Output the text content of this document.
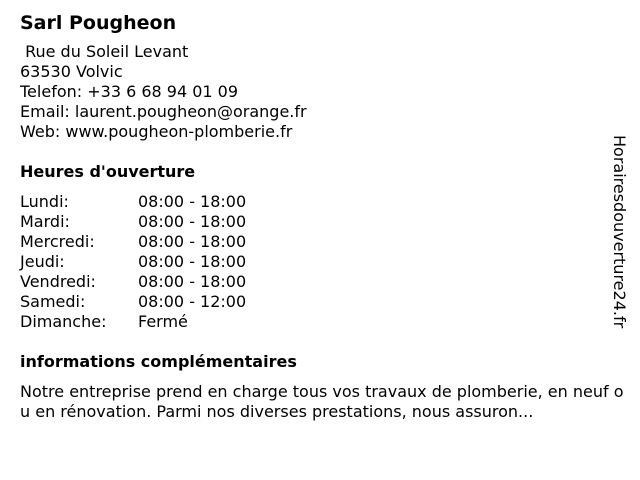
Sarl Pougheon
Rue du Soleil Levant
63530 Volvic
Telefon: +33 6 68 94 01 09
Email: laurent.pougheon@orange.fr
Web: www.pougheon-plomberie.fr
Heures d'ouverture
Lundi:	08:00 - 18:00
Mardi:	08:00 - 18:00
Mercredi:	08:00 - 18:00
Jeudi:	08:00 - 18:00
Vendredi:	08:00 - 18:00
Samedi:	08:00 - 12:00
Dimanche: Fermé
informations complémentaires
Notre entreprise prend en charge tous vos travaux de plomberie, en neuf ou en rénovation. Parmi nos diverses prestations, nous assuron...
Horairesdouverture24.fr
